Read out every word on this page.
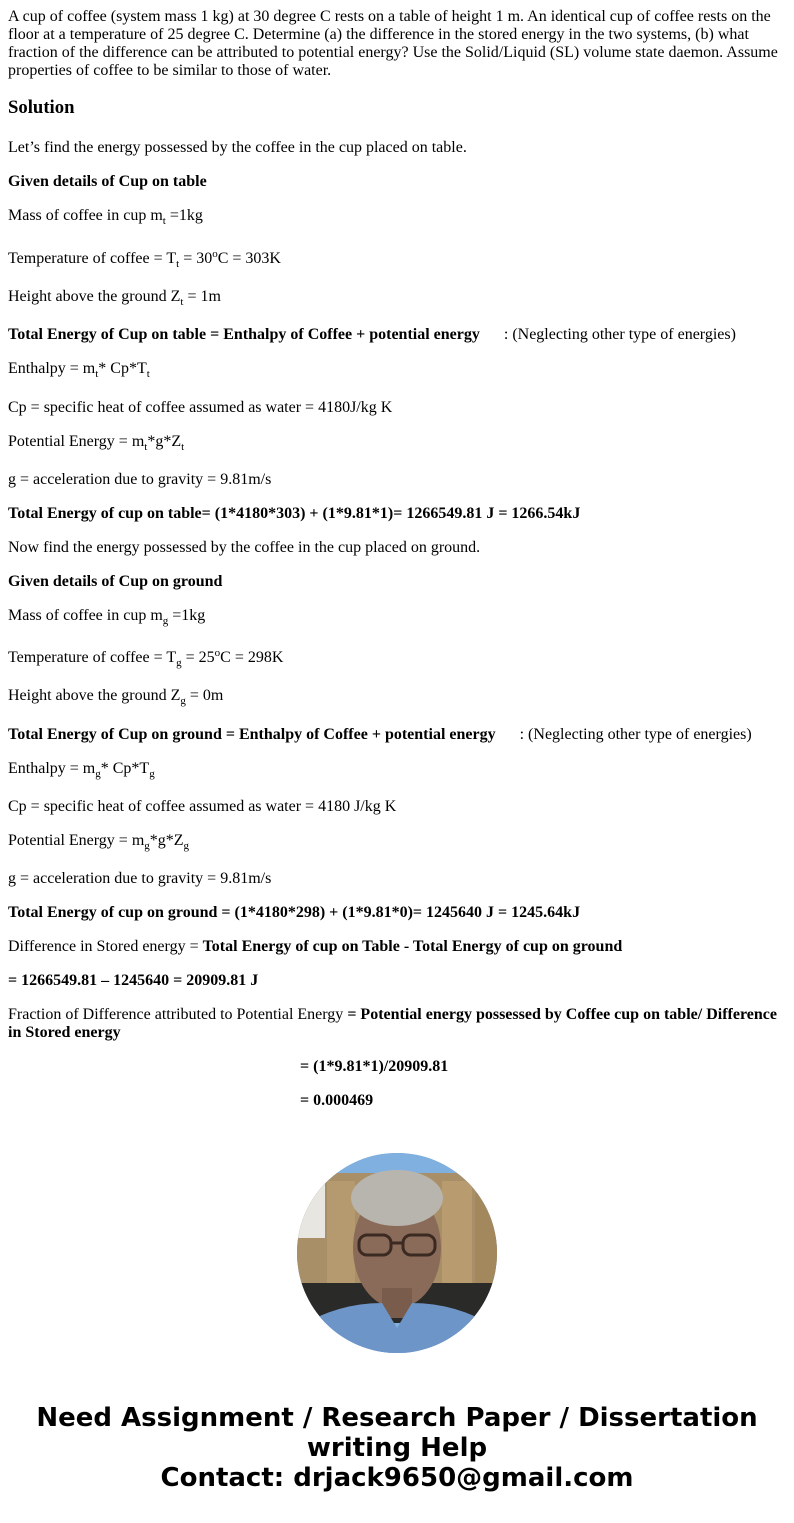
A cup of coffee (system mass 1 kg) at 30 degree C rests on a table of height 1 m. An identical cup of coffee rests on the floor at a temperature of 25 degree C. Determine (a) the difference in the stored energy in the two systems, (b) what fraction of the difference can be attributed to potential energy? Use the Solid/Liquid (SL) volume state daemon. Assume properties of coffee to be similar to those of water.

Solution

Let’s find the energy possessed by the coffee in the cup placed on table.

Given details of Cup on table

Mass of coffee in cup $m_t =1kg$

Temperature of coffee = $T_t = 30^oC = 303K$

Height above the ground $Z_t = 1m$

Total Energy of Cup on table = Enthalpy of Coffee + potential energy : (Neglecting other type of energies)

Enthalpy = $m_t*$ $Cp*T_t$

Cp = specific heat of coffee assumed as water = 4180J/kg K

Potential Energy = $m_t*g*Z_t$

g = acceleration due to gravity = 9.81m/s

Total Energy of cup on table= (1*4180*303) + (1*9.81*1)= 1266549.81 J = 1266.54kJ

Now find the energy possessed by the coffee in the cup placed on ground.

Given details of Cup on ground

Mass of coffee in cup $m_g =1kg$

Temperature of coffee = $T_g = 25^oC = 298K$

Height above the ground $Z_g = 0m$

Total Energy of Cup on ground = Enthalpy of Coffee + potential energy : (Neglecting other type of energies)

Enthalpy = $m_g*$ $Cp*T_g$

Cp = specific heat of coffee assumed as water = 4180 J/kg K

Potential Energy = $m_g*g*Z_g$

g = acceleration due to gravity = 9.81m/s

Total Energy of cup on ground = (1*4180*298) + (1*9.81*0)= 1245640 J = 1245.64kJ

Difference in Stored energy = Total Energy of cup on Table - Total Energy of cup on ground

= 1266549.81 – 1245640 = 20909.81 J

Fraction of Difference attributed to Potential Energy = Potential energy possessed by Coffee cup on table/ Difference in Stored energy

= (1*9.81*1)/20909.81

= 0.000469

Need Assignment / Research Paper / Dissertation
writing Help
Contact: drjack9650@gmail.com
